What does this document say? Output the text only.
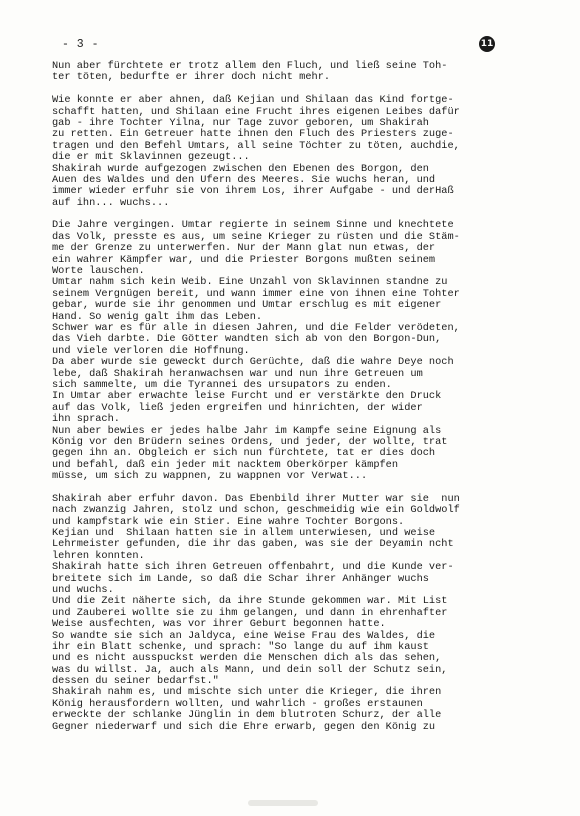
- 3 -	11
Nun aber fürchtete er trotz allem den Fluch, und ließ seine Toh-
ter töten, bedurfte er ihrer doch nicht mehr.
Wie konnte er aber ahnen, daß Kejian und Shilaan das Kind fortge-
schafft hatten, und Shilaan eine Frucht ihres eigenen Leibes dafür
gab - ihre Tochter Yilna, nur Tage zuvor geboren, um Shakirah
zu retten. Ein Getreuer hatte ihnen den Fluch des Priesters zuge-
tragen und den Befehl Umtars, all seine Töchter zu töten, auchdie,
die er mit Sklavinnen gezeugt...
Shakirah wurde aufgezogen zwischen den Ebenen des Borgon, den
Auen des Waldes und den Ufern des Meeres. Sie wuchs heran, und
immer wieder erfuhr sie von ihrem Los, ihrer Aufgabe - und derHaß
auf ihn... wuchs...
Die Jahre vergingen. Umtar regierte in seinem Sinne und knechtete
das Volk, presste es aus, um seine Krieger zu rüsten und die Stäm-
me der Grenze zu unterwerfen. Nur der Mann glat nun etwas, der
ein wahrer Kämpfer war, und die Priester Borgons mußten seinem
Worte lauschen.
Umtar nahm sich kein Weib. Eine Unzahl von Sklavinnen standne zu
seinem Vergnügen bereit, und wann immer eine von ihnen eine Tohter
gebar, wurde sie ihr genommen und Umtar erschlug es mit eigener
Hand. So wenig galt ihm das Leben.
Schwer war es für alle in diesen Jahren, und die Felder verödeten,
das Vieh darbte. Die Götter wandten sich ab von den Borgon-Dun,
und viele verloren die Hoffnung.
Da aber wurde sie geweckt durch Gerüchte, daß die wahre Deye noch
lebe, daß Shakirah heranwachsen war und nun ihre Getreuen um
sich sammelte, um die Tyrannei des ursupators zu enden.
In Umtar aber erwachte leise Furcht und er verstärkte den Druck
auf das Volk, ließ jeden ergreifen und hinrichten, der wider
ihn sprach.
Nun aber bewies er jedes halbe Jahr im Kampfe seine Eignung als
König vor den Brüdern seines Ordens, und jeder, der wollte, trat
gegen ihn an. Obgleich er sich nun fürchtete, tat er dies doch
und befahl, daß ein jeder mit nacktem Oberkörper kämpfen
müsse, um sich zu wappnen, zu wappnen vor Verwat...
Shakirah aber erfuhr davon. Das Ebenbild ihrer Mutter war sie  nun
nach zwanzig Jahren, stolz und schon, geschmeidig wie ein Goldwolf
und kampfstark wie ein Stier. Eine wahre Tochter Borgons.
Kejian und  Shilaan hatten sie in allem unterwiesen, und weise
Lehrmeister gefunden, die ihr das gaben, was sie der Deyamin ncht
lehren konnten.
Shakirah hatte sich ihren Getreuen offenbahrt, und die Kunde ver-
breitete sich im Lande, so daß die Schar ihrer Anhänger wuchs
und wuchs.
Und die Zeit näherte sich, da ihre Stunde gekommen war. Mit List
und Zauberei wollte sie zu ihm gelangen, und dann in ehrenhafter
Weise ausfechten, was vor ihrer Geburt begonnen hatte.
So wandte sie sich an Jaldyca, eine Weise Frau des Waldes, die
ihr ein Blatt schenke, und sprach: "So lange du auf ihm kaust
und es nicht ausspuckst werden die Menschen dich als das sehen,
was du willst. Ja, auch als Mann, und dein soll der Schutz sein,
dessen du seiner bedarfst."
Shakirah nahm es, und mischte sich unter die Krieger, die ihren
König herausfordern wollten, und wahrlich - großes erstaunen
erweckte der schlanke Jünglin in dem blutroten Schurz, der alle
Gegner niederwarf und sich die Ehre erwarb, gegen den König zu
